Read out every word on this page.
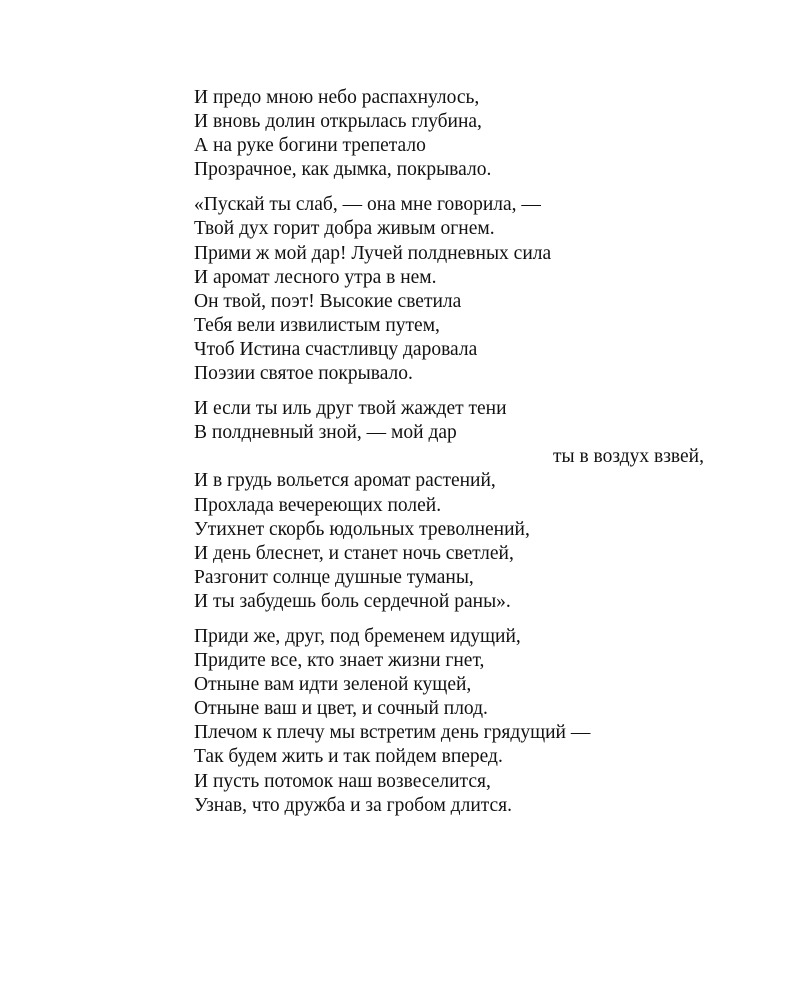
И предо мною небо распахнулось,
И вновь долин открылась глубина,
А на руке богини трепетало
Прозрачное, как дымка, покрывало.
«Пускай ты слаб, — она мне говорила, —
Твой дух горит добра живым огнем.
Прими ж мой дар! Лучей полдневных сила
И аромат лесного утра в нем.
Он твой, поэт! Высокие светила
Тебя вели извилистым путем,
Чтоб Истина счастливцу даровала
Поэзии святое покрывало.
И если ты иль друг твой жаждет тени
В полдневный зной, — мой дар
ты в воздух взвей,
И в грудь вольется аромат растений,
Прохлада вечереющих полей.
Утихнет скорбь юдольных треволнений,
И день блеснет, и станет ночь светлей,
Разгонит солнце душные туманы,
И ты забудешь боль сердечной раны».
Приди же, друг, под бременем идущий,
Придите все, кто знает жизни гнет,
Отныне вам идти зеленой кущей,
Отныне ваш и цвет, и сочный плод.
Плечом к плечу мы встретим день грядущий —
Так будем жить и так пойдем вперед.
И пусть потомок наш возвеселится,
Узнав, что дружба и за гробом длится.
